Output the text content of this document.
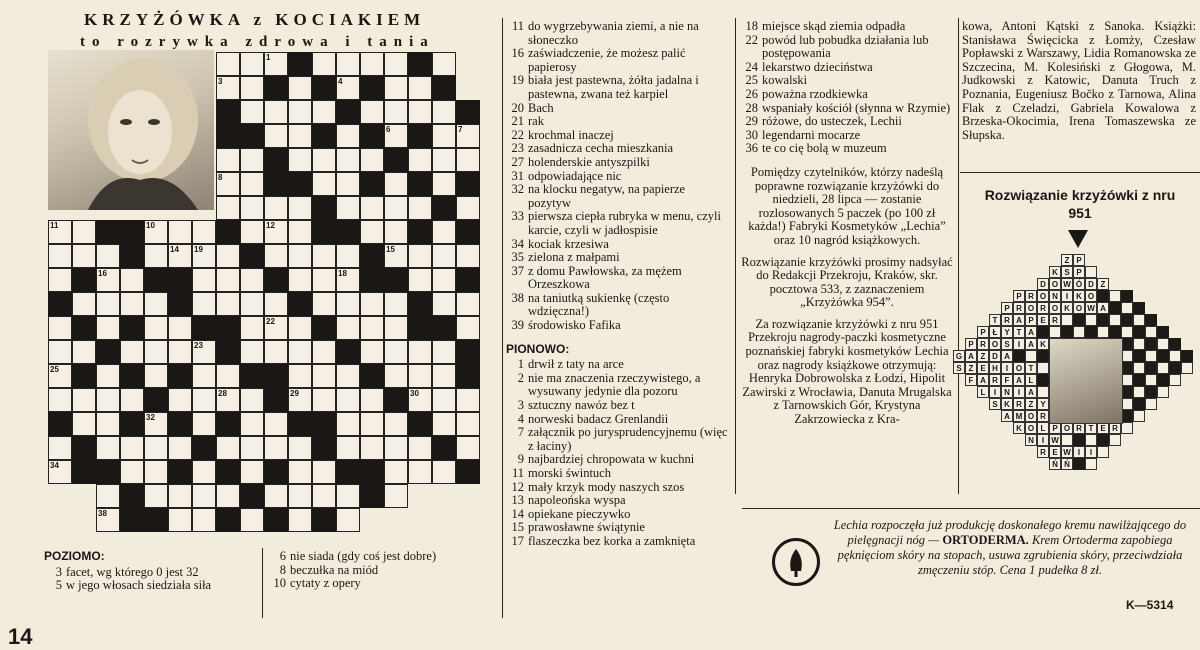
KRZYŻÓWKA z KOCIAKIEM
to rozrywka zdrowa i tania
1
3	4
6	7
8
11	10	12
14 19	15
16	18
22
23
25
28	29	30
32
34
38
POZIOMO:
3 facet, wg którego 0 jest 32
5 w jego włosach siedziała siła
6 nie siada (gdy coś jest dobre)
8 beczułka na miód
10 cytaty z opery
11 do wygrzebywania ziemi, a nie na słoneczko
16 zaświadczenie, że możesz palić papierosy
19 biała jest pastewna, żółta jadalna i pastewna, zwana też karpiel
20 Bach
21 rak
22 krochmal inaczej
23 zasadnicza cecha mieszkania
27 holenderskie antyszpilki
31 odpowiadające nic
32 na klocku negatyw, na papierze pozytyw
33 pierwsza ciepła rubryka w menu, czyli karcie, czyli w jadłospisie
34 kociak krzesiwa
35 zielona z małpami
37 z domu Pawłowska, za mężem Orzeszkowa
38 na taniutką sukienkę (często wdzięczna!)
39 środowisko Fafika
PIONOWO:
1 drwił z taty na arce
2 nie ma znaczenia rzeczywistego, a wysuwany jedynie dla pozoru
3 sztuczny nawóz bez t
4 norweski badacz Grenlandii
7 załącznik po jurysprudencyjnemu (więc z łaciny)
9 najbardziej chropowata w kuchni
11 morski świntuch
12 mały krzyk mody naszych szos
13 napoleońska wyspa
14 opiekane pieczywko
15 prawosławne świątynie
17 flaszeczka bez korka a zamknięta
18 miejsce skąd ziemia odpadła
22 powód lub pobudka działania lub postępowania
24 lekarstwo dzieciństwa
25 kowalski
26 poważna rzodkiewka
28 wspaniały kościół (słynna w Rzymie)
29 różowe, do usteczek, Lechii
30 legendarni mocarze
36 te co cię bolą w muzeum
Pomiędzy czytelników, którzy nadeślą poprawne rozwiązanie krzyżówki do niedzieli, 28 lipca — zostanie rozlosowanych 5 paczek (po 100 zł każda!) Fabryki Kosmetyków „Lechia” oraz 10 nagród książkowych.
Rozwiązanie krzyżówki prosimy nadsyłać do Redakcji Przekroju, Kraków, skr. pocztowa 533, z zaznaczeniem „Krzyżówka 954”.
Za rozwiązanie krzyżówki z nru 951 Przekroju nagrody-paczki kosmetyczne poznańskiej fabryki kosmetyków Lechia oraz nagrody książkowe otrzymują: Henryka Dobrowolska z Łodzi, Hipolit Zawirski z Wrocławia, Danuta Mrugalska z Tarnowskich Gór, Krystyna Zakrzowiecka z Kra-
kowa, Antoni Kątski z Sanoka. Książki: Stanisława Święcicka z Łomży, Czesław Popławski z Warszawy, Lidia Romanowska ze Szczecina, M. Kolesiński z Głogowa, M. Judkowski z Katowic, Danuta Truch z Poznania, Eugeniusz Bočko z Tarnowa, Alina Flak z Czeladzi, Gabriela Kowalowa z Brzeska-Okocimia, Irena Tomaszewska ze Słupska.
Rozwiązanie krzyżówki z nru 951
Z P
K S P
D O W Ó D Z
P R O N I	K O
P R O R O K O W A
T R A P E R
P Ł Y T A
P R O S	I	A K
G A Z D A
S Z E H I O T
F A R F A L
L	I	N I	A
S K R Z Y
A M O R
K O L P O R T E R
N I W
R E W I	I
Ń Ń
Lechia rozpoczęła już produkcję doskonałego kremu nawilżającego do pielęgnacji nóg — ORTODERMA. Krem Ortoderma zapobiega pęknięciom skóry na stopach, usuwa zgrubienia skóry, przeciwdziała zmęczeniu stóp. Cena 1 pudełka 8 zł.
K—5314
14
